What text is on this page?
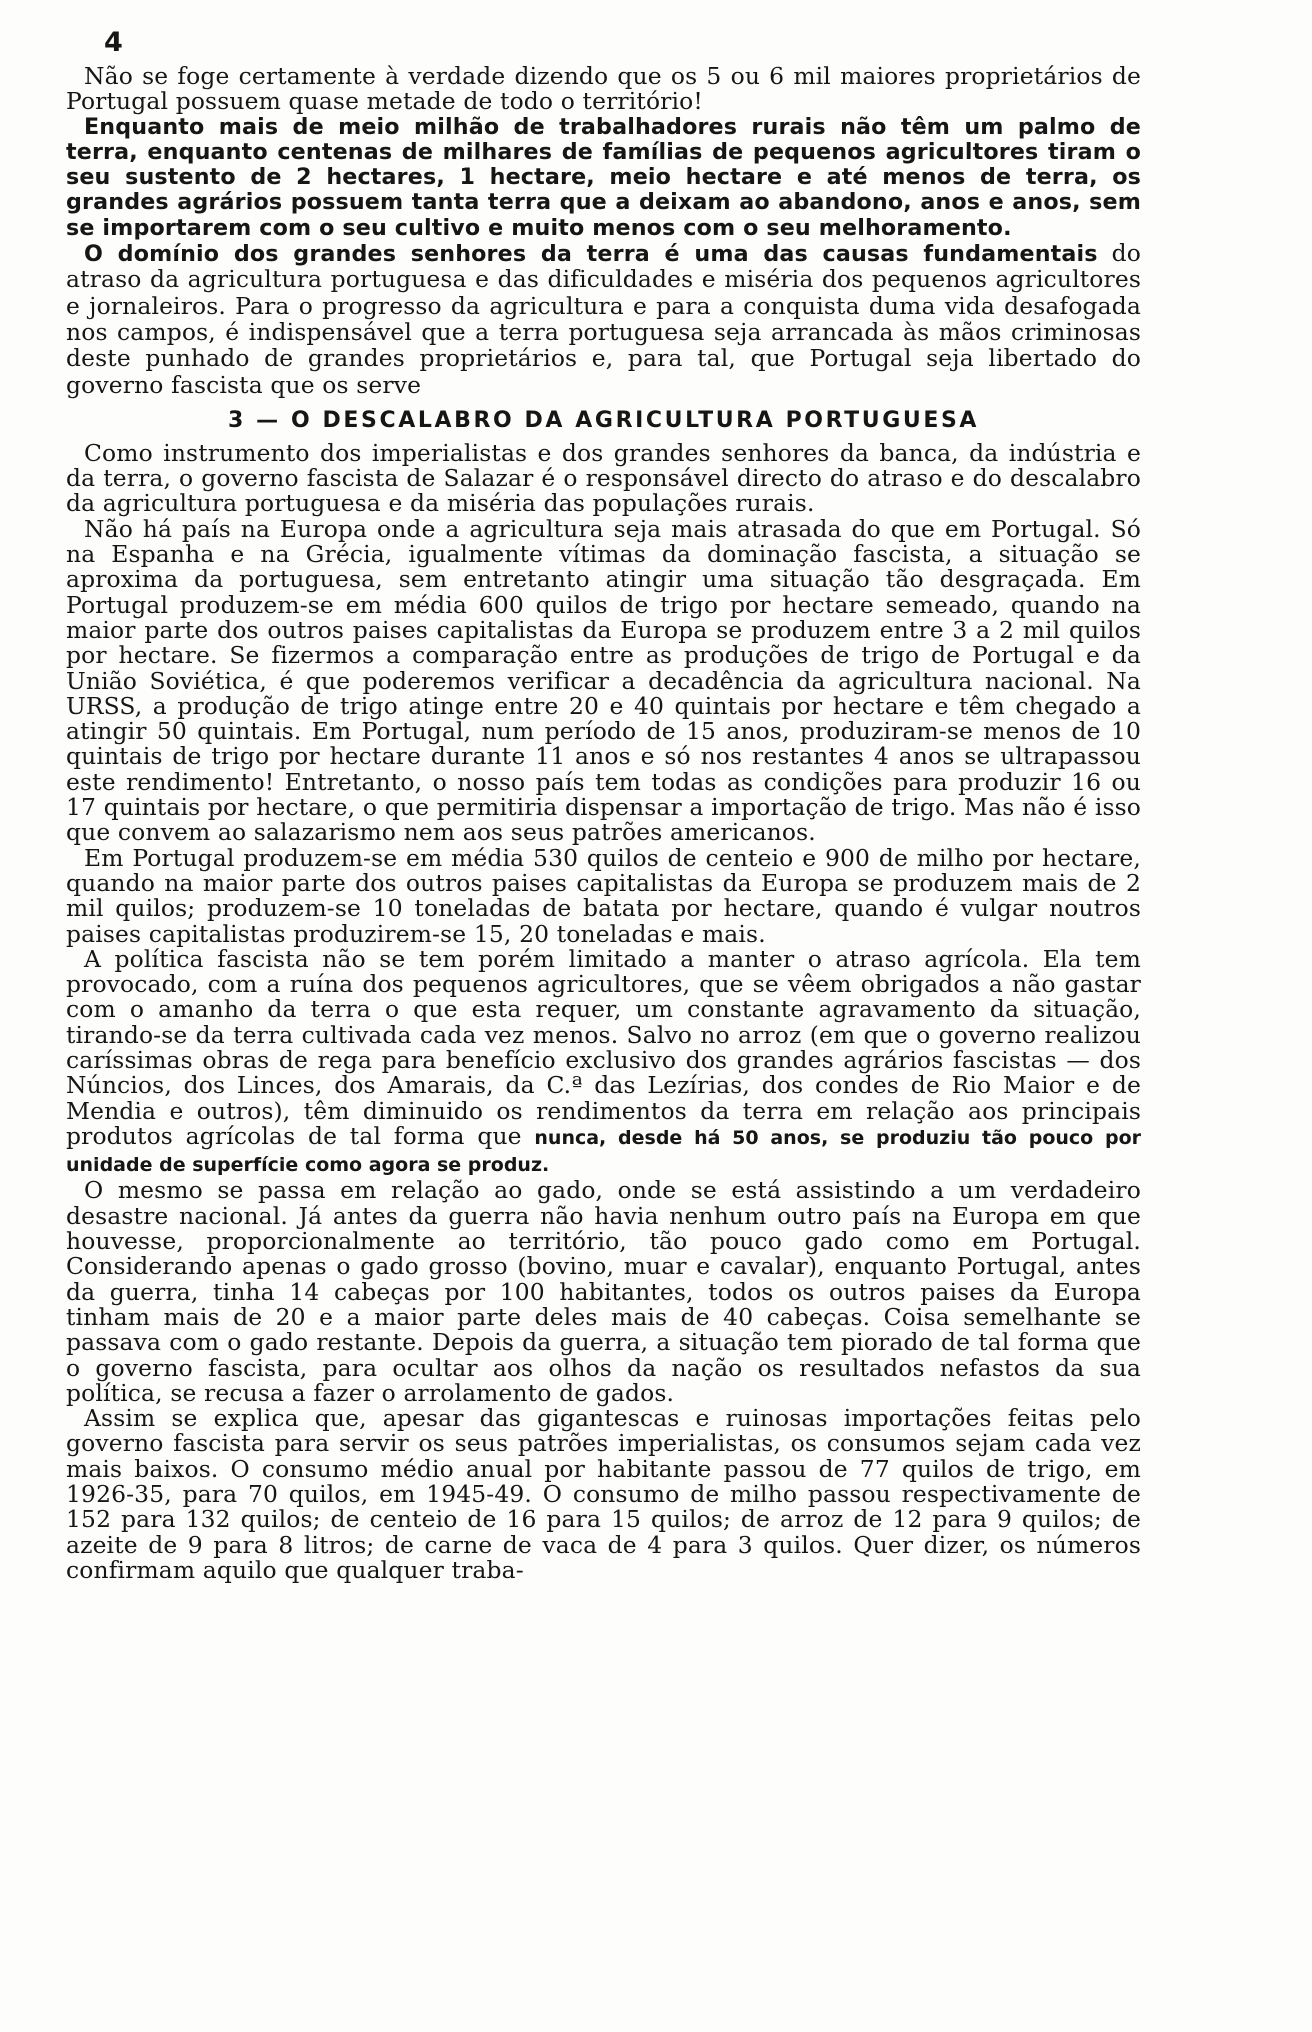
4

Não se foge certamente à verdade dizendo que os 5 ou 6 mil maiores proprietários de Portugal possuem quase metade de todo o território!

Enquanto mais de meio milhão de trabalhadores rurais não têm um palmo de terra, enquanto centenas de milhares de famílias de pequenos agricultores tiram o seu sustento de 2 hectares, 1 hectare, meio hectare e até menos de terra, os grandes agrários possuem tanta terra que a deixam ao abandono, anos e anos, sem se importarem com o seu cultivo e muito menos com o seu melhoramento.

O domínio dos grandes senhores da terra é uma das causas fundamentais do atraso da agricultura portuguesa e das dificuldades e miséria dos pequenos agricultores e jornaleiros. Para o progresso da agricultura e para a conquista duma vida desafogada nos campos, é indispensável que a terra portuguesa seja arrancada às mãos criminosas deste punhado de grandes proprietários e, para tal, que Portugal seja libertado do governo fascista que os serve

3 — O DESCALABRO DA AGRICULTURA PORTUGUESA

Como instrumento dos imperialistas e dos grandes senhores da banca, da indústria e da terra, o governo fascista de Salazar é o responsável directo do atraso e do descalabro da agricultura portuguesa e da miséria das populações rurais.

Não há país na Europa onde a agricultura seja mais atrasada do que em Portugal. Só na Espanha e na Grécia, igualmente vítimas da dominação fascista, a situação se aproxima da portuguesa, sem entretanto atingir uma situação tão desgraçada. Em Portugal produzem-se em média 600 quilos de trigo por hectare semeado, quando na maior parte dos outros paises capitalistas da Europa se produzem entre 3 a 2 mil quilos por hectare. Se fizermos a comparação entre as produções de trigo de Portugal e da União Soviética, é que poderemos verificar a decadência da agricultura nacional. Na URSS, a produção de trigo atinge entre 20 e 40 quintais por hectare e têm chegado a atingir 50 quintais. Em Portugal, num período de 15 anos, produziram-se menos de 10 quintais de trigo por hectare durante 11 anos e só nos restantes 4 anos se ultrapassou este rendimento! Entretanto, o nosso país tem todas as condições para produzir 16 ou 17 quintais por hectare, o que permitiria dispensar a importação de trigo. Mas não é isso que convem ao salazarismo nem aos seus patrões americanos.

Em Portugal produzem-se em média 530 quilos de centeio e 900 de milho por hectare, quando na maior parte dos outros paises capitalistas da Europa se produzem mais de 2 mil quilos; produzem-se 10 toneladas de batata por hectare, quando é vulgar noutros paises capitalistas produzirem-se 15, 20 toneladas e mais.

A política fascista não se tem porém limitado a manter o atraso agrícola. Ela tem provocado, com a ruína dos pequenos agricultores, que se vêem obrigados a não gastar com o amanho da terra o que esta requer, um constante agravamento da situação, tirando-se da terra cultivada cada vez menos. Salvo no arroz (em que o governo realizou caríssimas obras de rega para benefício exclusivo dos grandes agrários fascistas — dos Núncios, dos Linces, dos Amarais, da C.ª das Lezírias, dos condes de Rio Maior e de Mendia e outros), têm diminuido os rendimentos da terra em relação aos principais produtos agrícolas de tal forma que nunca, desde há 50 anos, se produziu tão pouco por unidade de superfície como agora se produz.

O mesmo se passa em relação ao gado, onde se está assistindo a um verdadeiro desastre nacional. Já antes da guerra não havia nenhum outro país na Europa em que houvesse, proporcionalmente ao território, tão pouco gado como em Portugal. Considerando apenas o gado grosso (bovino, muar e cavalar), enquanto Portugal, antes da guerra, tinha 14 cabeças por 100 habitantes, todos os outros paises da Europa tinham mais de 20 e a maior parte deles mais de 40 cabeças. Coisa semelhante se passava com o gado restante. Depois da guerra, a situação tem piorado de tal forma que o governo fascista, para ocultar aos olhos da nação os resultados nefastos da sua política, se recusa a fazer o arrolamento de gados.

Assim se explica que, apesar das gigantescas e ruinosas importações feitas pelo governo fascista para servir os seus patrões imperialistas, os consumos sejam cada vez mais baixos. O consumo médio anual por habitante passou de 77 quilos de trigo, em 1926-35, para 70 quilos, em 1945-49. O consumo de milho passou respectivamente de 152 para 132 quilos; de centeio de 16 para 15 quilos; de arroz de 12 para 9 quilos; de azeite de 9 para 8 litros; de carne de vaca de 4 para 3 quilos. Quer dizer, os números confirmam aquilo que qualquer traba-
